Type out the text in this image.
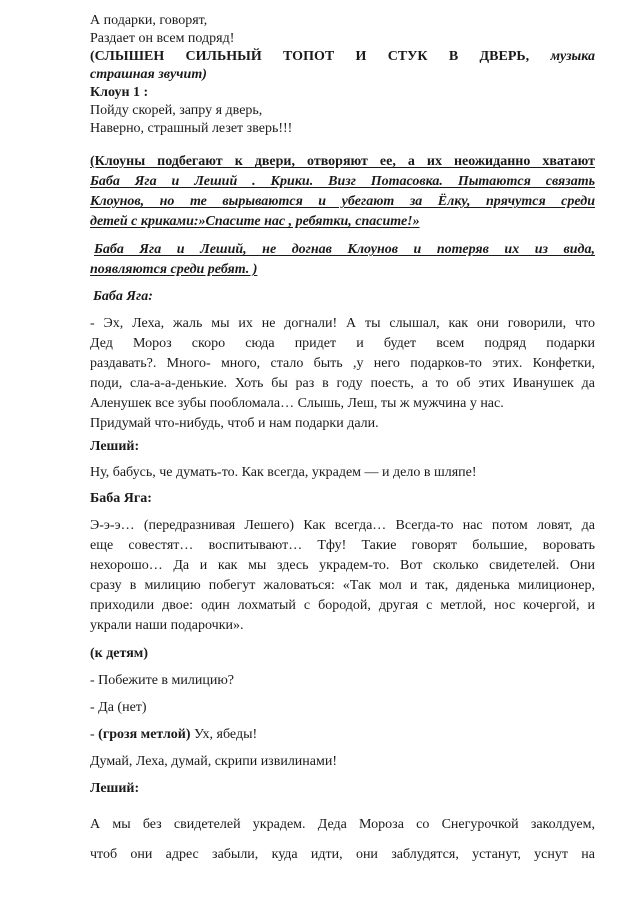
А подарки, говорят,
Раздает он всем подряд!
(СЛЫШЕН СИЛЬНЫЙ ТОПОТ И СТУК В ДВЕРЬ, музыка
страшная звучит)
Клоун 1 :
Пойду скорей, запру я дверь,
Наверно, страшный лезет зверь!!!
(Клоуны подбегают к двери, отворяют ее, а их неожиданно хватают
Баба Яга и Леший . Крики. Визг Потасовка. Пытаются связать
Клоунов, но те вырываются и убегают за Ёлку, прячутся среди
детей с криками:»Спасите нас , ребятки, спасите!»
Баба Яга и Леший, не догнав Клоунов и потеряв их из вида,
появляются среди ребят. )
Баба Яга:
- Эх, Леха, жаль мы их не догнали! А ты слышал, как они говорили, что
Дед Мороз скоро сюда придет и будет всем подряд подарки
раздавать?. Много- много, стало быть ,у него подарков-то этих. Конфетки,
поди, сла-а-а-денькие. Хоть бы раз в году поесть, а то об этих Иванушек да
Аленушек все зубы пообломала… Слышь, Леш, ты ж мужчина у нас.
Придумай что-нибудь, чтоб и нам подарки дали.
Леший:
Ну, бабусь, че думать-то. Как всегда, украдем — и дело в шляпе!
Баба Яга:
Э-э-э… (передразнивая Лешего) Как всегда… Всегда-то нас потом ловят, да
еще совестят… воспитывают… Тфу! Такие говорят большие, воровать
нехорошо… Да и как мы здесь украдем-то. Вот сколько свидетелей. Они
сразу в милицию побегут жаловаться: «Так мол и так, дяденька милиционер,
приходили двое: один лохматый с бородой, другая с метлой, нос кочергой, и
украли наши подарочки».
(к детям)
- Побежите в милицию?
- Да (нет)
- (грозя метлой) Ух, ябеды!
Думай, Леха, думай, скрипи извилинами!
Леший:
А мы без свидетелей украдем. Деда Мороза со Снегурочкой заколдуем,
чтоб они адрес забыли, куда идти, они заблудятся, устанут, уснут на
